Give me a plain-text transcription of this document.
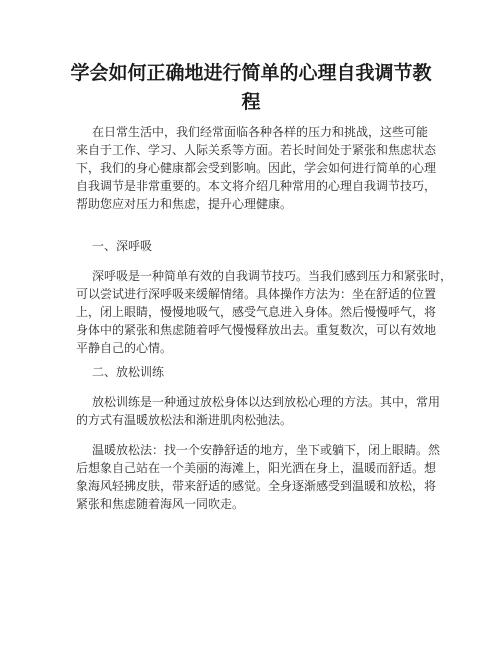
学会如何正确地进行简单的心理自我调节教
程

在日常生活中，我们经常面临各种各样的压力和挑战，这些可能

来自于工作、学习、人际关系等方面。若长时间处于紧张和焦虑状态

下，我们的身心健康都会受到影响。因此，学会如何进行简单的心理

自我调节是非常重要的。本文将介绍几种常用的心理自我调节技巧，

帮助您应对压力和焦虑，提升心理健康。

一、深呼吸

深呼吸是一种简单有效的自我调节技巧。当我们感到压力和紧张时，

可以尝试进行深呼吸来缓解情绪。具体操作方法为：坐在舒适的位置

上，闭上眼睛，慢慢地吸气，感受气息进入身体。然后慢慢呼气，将

身体中的紧张和焦虑随着呼气慢慢释放出去。重复数次，可以有效地

平静自己的心情。

二、放松训练

放松训练是一种通过放松身体以达到放松心理的方法。其中，常用

的方式有温暖放松法和渐进肌肉松弛法。

温暖放松法：找一个安静舒适的地方，坐下或躺下，闭上眼睛。然

后想象自己站在一个美丽的海滩上，阳光洒在身上，温暖而舒适。想

象海风轻拂皮肤，带来舒适的感觉。全身逐渐感受到温暖和放松，将

紧张和焦虑随着海风一同吹走。
